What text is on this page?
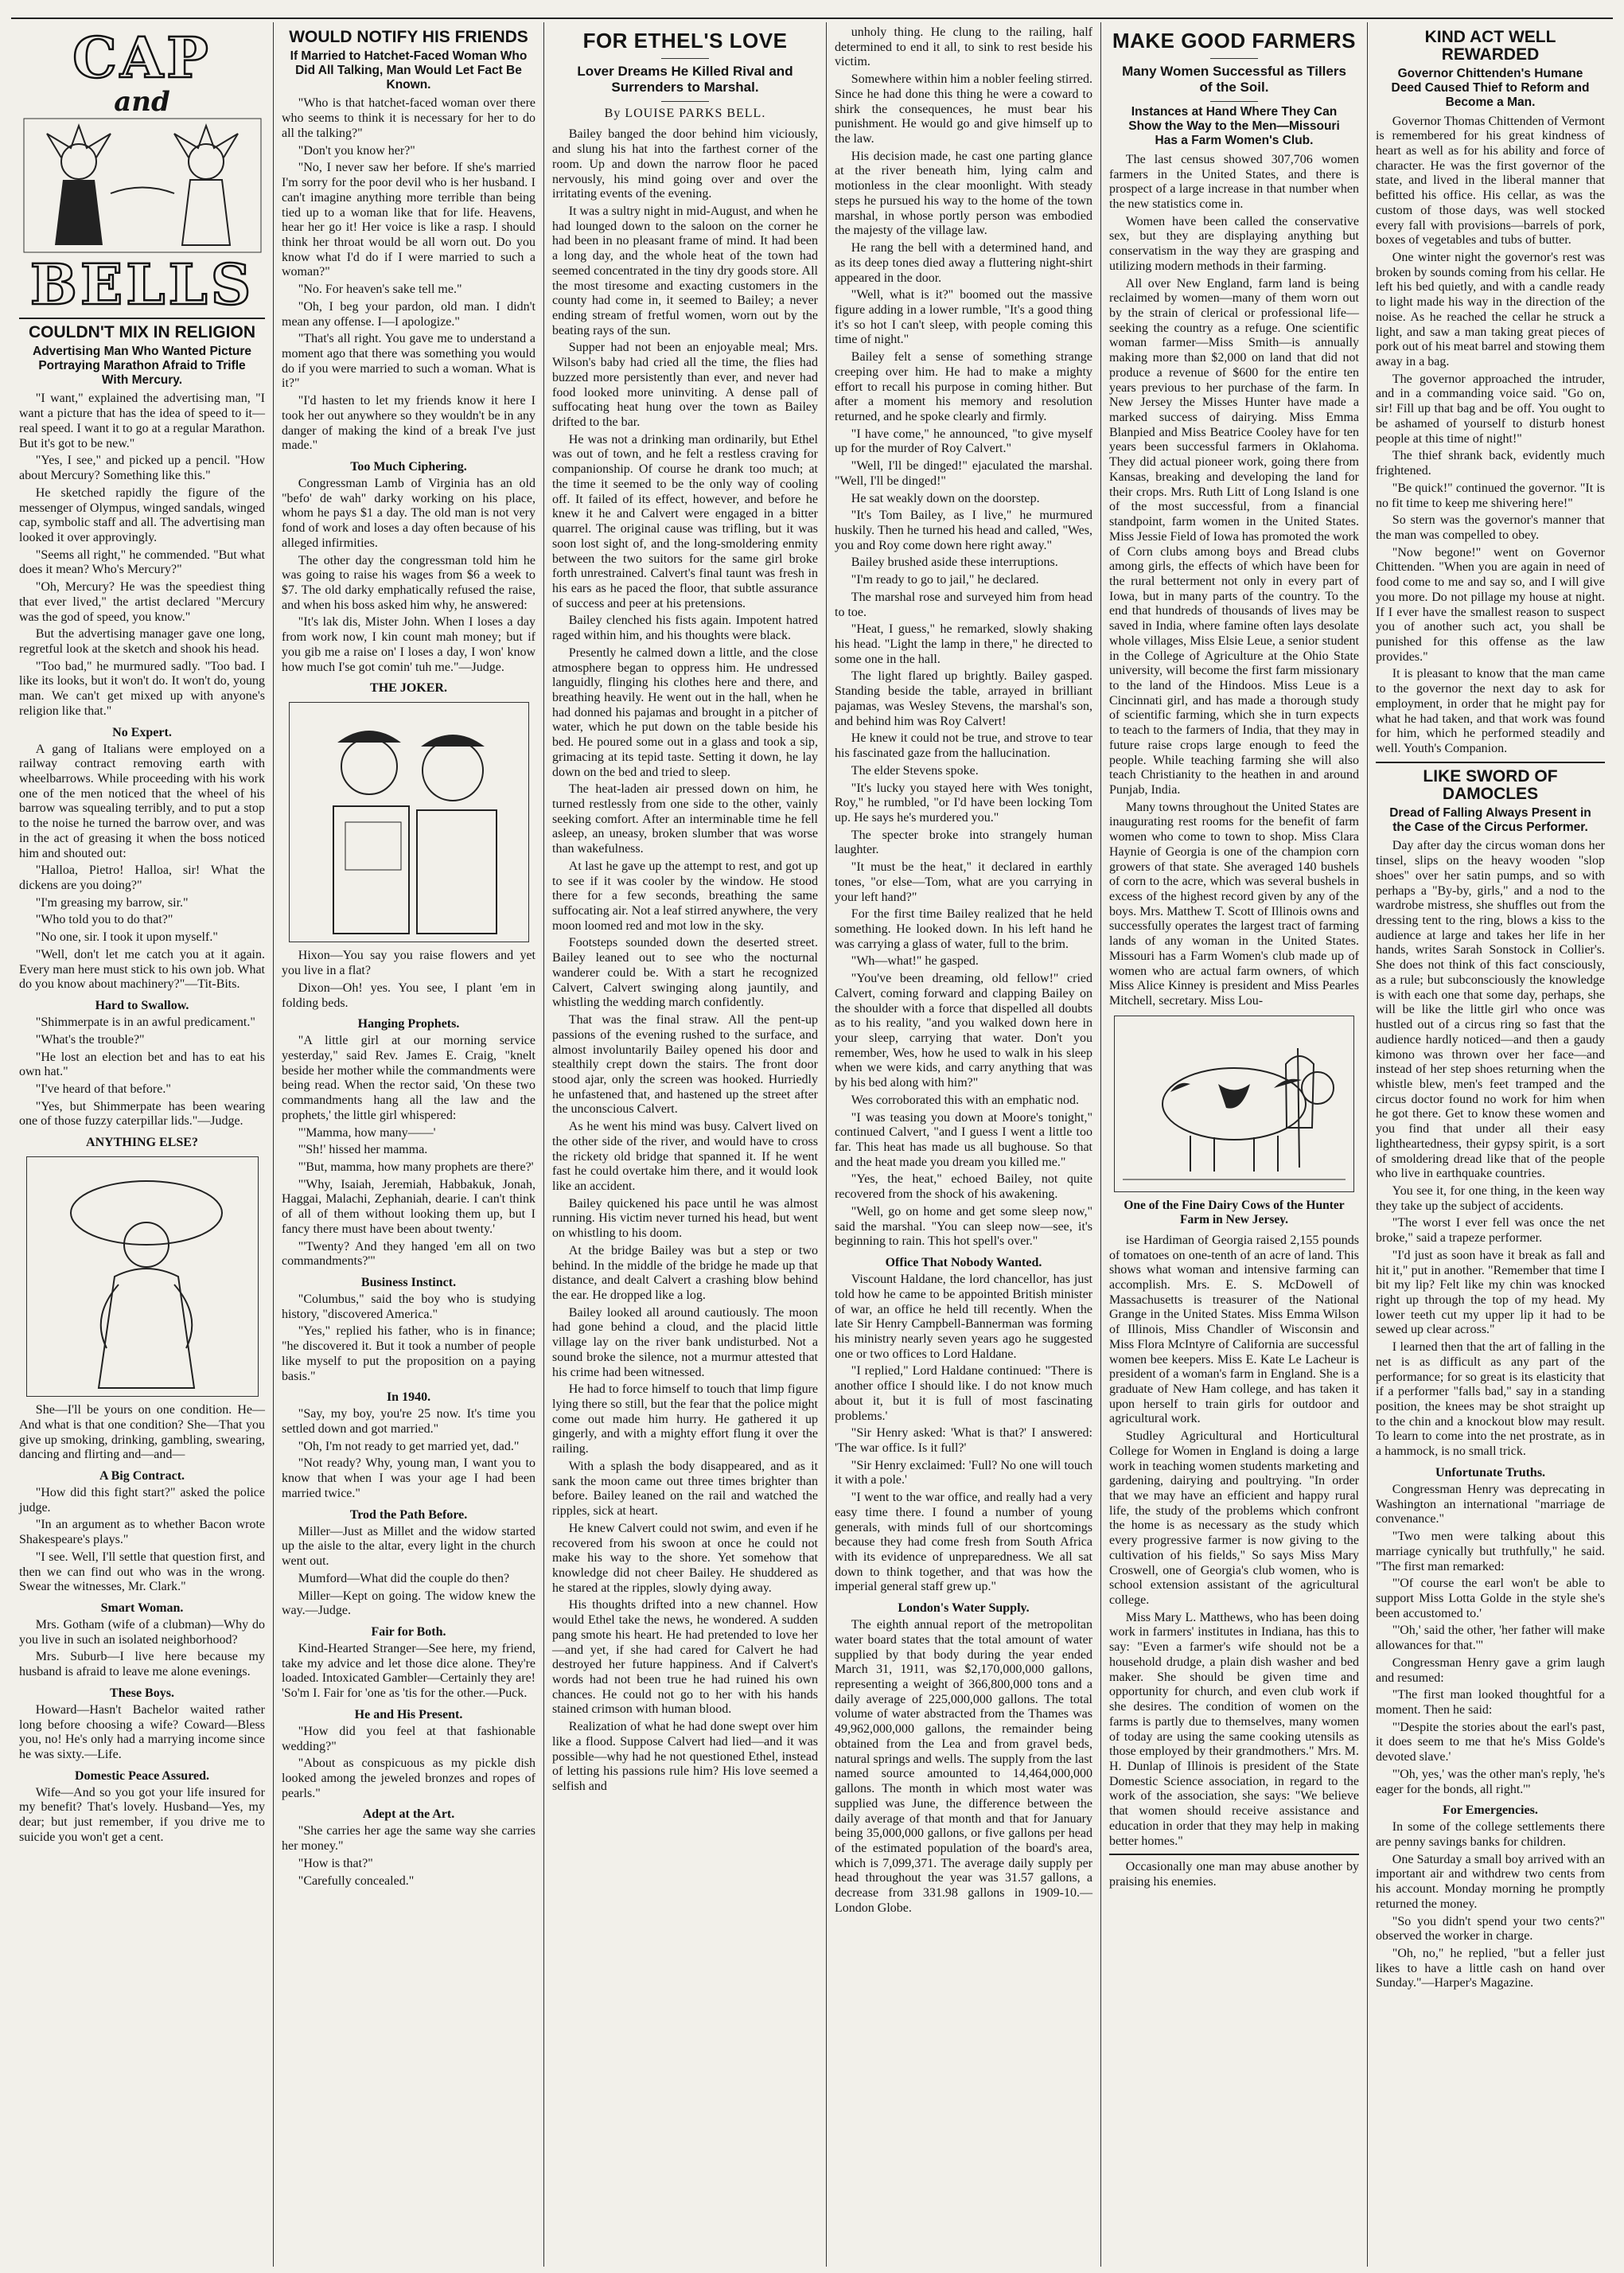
CAP
and
BELLS
COULDN'T MIX IN RELIGION
Advertising Man Who Wanted Picture Portraying Marathon Afraid to Trifle With Mercury.

"I want," explained the advertising man, "I want a picture that has the idea of speed to it—real speed. I want it to go at a regular Marathon. But it's got to be new."

"Yes, I see," and picked up a pencil. "How about Mercury? Something like this."

He sketched rapidly the figure of the messenger of Olympus, winged sandals, winged cap, symbolic staff and all. The advertising man looked it over approvingly.

"Seems all right," he commended. "But what does it mean? Who's Mercury?"

"Oh, Mercury? He was the speediest thing that ever lived," the artist declared "Mercury was the god of speed, you know."

But the advertising manager gave one long, regretful look at the sketch and shook his head.

"Too bad," he murmured sadly. "Too bad. I like its looks, but it won't do. It won't do, young man. We can't get mixed up with anyone's religion like that."

No Expert.

A gang of Italians were employed on a railway contract removing earth with wheelbarrows. While proceeding with his work one of the men noticed that the wheel of his barrow was squealing terribly, and to put a stop to the noise he turned the barrow over, and was in the act of greasing it when the boss noticed him and shouted out:

"Halloa, Pietro! Halloa, sir! What the dickens are you doing?"

"I'm greasing my barrow, sir."

"Who told you to do that?"

"No one, sir. I took it upon myself."

"Well, don't let me catch you at it again. Every man here must stick to his own job. What do you know about machinery?"—Tit-Bits.

Hard to Swallow.

"Shimmerpate is in an awful predicament."

"What's the trouble?"

"He lost an election bet and has to eat his own hat."

"I've heard of that before."

"Yes, but Shimmerpate has been wearing one of those fuzzy caterpillar lids."—Judge.

ANYTHING ELSE?

She—I'll be yours on one condition. He—And what is that one condition? She—That you give up smoking, drinking, gambling, swearing, dancing and flirting and—and—

A Big Contract.

"How did this fight start?" asked the police judge.

"In an argument as to whether Bacon wrote Shakespeare's plays."

"I see. Well, I'll settle that question first, and then we can find out who was in the wrong. Swear the witnesses, Mr. Clark."

Smart Woman.

Mrs. Gotham (wife of a clubman)—Why do you live in such an isolated neighborhood?

Mrs. Suburb—I live here because my husband is afraid to leave me alone evenings.

These Boys.

Howard—Hasn't Bachelor waited rather long before choosing a wife? Coward—Bless you, no! He's only had a marrying income since he was sixty.—Life.

Domestic Peace Assured.

Wife—And so you got your life insured for my benefit? That's lovely. Husband—Yes, my dear; but just remember, if you drive me to suicide you won't get a cent.

WOULD NOTIFY HIS FRIENDS
If Married to Hatchet-Faced Woman Who Did All Talking, Man Would Let Fact Be Known.

"Who is that hatchet-faced woman over there who seems to think it is necessary for her to do all the talking?"

"Don't you know her?"

"No, I never saw her before. If she's married I'm sorry for the poor devil who is her husband. I can't imagine anything more terrible than being tied up to a woman like that for life. Heavens, hear her go it! Her voice is like a rasp. I should think her throat would be all worn out. Do you know what I'd do if I were married to such a woman?"

"No. For heaven's sake tell me."

"Oh, I beg your pardon, old man. I didn't mean any offense. I—I apologize."

"That's all right. You gave me to understand a moment ago that there was something you would do if you were married to such a woman. What is it?"

"I'd hasten to let my friends know it here I took her out anywhere so they wouldn't be in any danger of making the kind of a break I've just made."

Too Much Ciphering.

Congressman Lamb of Virginia has an old "befo' de wah" darky working on his place, whom he pays $1 a day. The old man is not very fond of work and loses a day often because of his alleged infirmities.

The other day the congressman told him he was going to raise his wages from $6 a week to $7. The old darky emphatically refused the raise, and when his boss asked him why, he answered:

"It's lak dis, Mister John. When I loses a day from work now, I kin count mah money; but if you gib me a raise on' I loses a day, I won' know how much I'se got comin' tuh me."—Judge.

THE JOKER.

Hixon—You say you raise flowers and yet you live in a flat?

Dixon—Oh! yes. You see, I plant 'em in folding beds.

Hanging Prophets.

"A little girl at our morning service yesterday," said Rev. James E. Craig, "knelt beside her mother while the commandments were being read. When the rector said, 'On these two commandments hang all the law and the prophets,' the little girl whispered:

"'Mamma, how many——'

"'Sh!' hissed her mamma.

"'But, mamma, how many prophets are there?'

"'Why, Isaiah, Jeremiah, Habbakuk, Jonah, Haggai, Malachi, Zephaniah, dearie. I can't think of all of them without looking them up, but I fancy there must have been about twenty.'

"'Twenty? And they hanged 'em all on two commandments?'"

Business Instinct.

"Columbus," said the boy who is studying history, "discovered America."

"Yes," replied his father, who is in finance; "he discovered it. But it took a number of people like myself to put the proposition on a paying basis."

In 1940.

"Say, my boy, you're 25 now. It's time you settled down and got married."

"Oh, I'm not ready to get married yet, dad."

"Not ready? Why, young man, I want you to know that when I was your age I had been married twice."

Trod the Path Before.

Miller—Just as Millet and the widow started up the aisle to the altar, every light in the church went out.

Mumford—What did the couple do then?

Miller—Kept on going. The widow knew the way.—Judge.

Fair for Both.

Kind-Hearted Stranger—See here, my friend, take my advice and let those dice alone. They're loaded. Intoxicated Gambler—Certainly they are! 'So'm I. Fair for 'one as 'tis for the other.—Puck.

He and His Present.

"How did you feel at that fashionable wedding?"

"About as conspicuous as my pickle dish looked among the jeweled bronzes and ropes of pearls."

Adept at the Art.

"She carries her age the same way she carries her money."

"How is that?"

"Carefully concealed."

FOR ETHEL'S LOVE
Lover Dreams He Killed Rival and Surrenders to Marshal.
By LOUISE PARKS BELL.

Bailey banged the door behind him viciously, and slung his hat into the farthest corner of the room. Up and down the narrow floor he paced nervously, his mind going over and over the irritating events of the evening.

It was a sultry night in mid-August, and when he had lounged down to the saloon on the corner he had been in no pleasant frame of mind. It had been a long day, and the whole heat of the town had seemed concentrated in the tiny dry goods store. All the most tiresome and exacting customers in the county had come in, it seemed to Bailey; a never ending stream of fretful women, worn out by the beating rays of the sun.

Supper had not been an enjoyable meal; Mrs. Wilson's baby had cried all the time, the flies had buzzed more persistently than ever, and never had food looked more uninviting. A dense pall of suffocating heat hung over the town as Bailey drifted to the bar.

He was not a drinking man ordinarily, but Ethel was out of town, and he felt a restless craving for companionship. Of course he drank too much; at the time it seemed to be the only way of cooling off. It failed of its effect, however, and before he knew it he and Calvert were engaged in a bitter quarrel. The original cause was trifling, but it was soon lost sight of, and the long-smoldering enmity between the two suitors for the same girl broke forth unrestrained. Calvert's final taunt was fresh in his ears as he paced the floor, that subtle assurance of success and peer at his pretensions.

Bailey clenched his fists again. Impotent hatred raged within him, and his thoughts were black.

Presently he calmed down a little, and the close atmosphere began to oppress him. He undressed languidly, flinging his clothes here and there, and breathing heavily. He went out in the hall, when he had donned his pajamas and brought in a pitcher of water, which he put down on the table beside his bed. He poured some out in a glass and took a sip, grimacing at its tepid taste. Setting it down, he lay down on the bed and tried to sleep.

The heat-laden air pressed down on him, he turned restlessly from one side to the other, vainly seeking comfort. After an interminable time he fell asleep, an uneasy, broken slumber that was worse than wakefulness.

At last he gave up the attempt to rest, and got up to see if it was cooler by the window. He stood there for a few seconds, breathing the same suffocating air. Not a leaf stirred anywhere, the very moon loomed red and mot low in the sky.

Footsteps sounded down the deserted street. Bailey leaned out to see who the nocturnal wanderer could be. With a start he recognized Calvert, Calvert swinging along jauntily, and whistling the wedding march confidently.

That was the final straw. All the pent-up passions of the evening rushed to the surface, and almost involuntarily Bailey opened his door and stealthily crept down the stairs. The front door stood ajar, only the screen was hooked. Hurriedly he unfastened that, and hastened up the street after the unconscious Calvert.

As he went his mind was busy. Calvert lived on the other side of the river, and would have to cross the rickety old bridge that spanned it. If he went fast he could overtake him there, and it would look like an accident.

Bailey quickened his pace until he was almost running. His victim never turned his head, but went on whistling to his doom.

At the bridge Bailey was but a step or two behind. In the middle of the bridge he made up that distance, and dealt Calvert a crashing blow behind the ear. He dropped like a log.

Bailey looked all around cautiously. The moon had gone behind a cloud, and the placid little village lay on the river bank undisturbed. Not a sound broke the silence, not a murmur attested that his crime had been witnessed.

He had to force himself to touch that limp figure lying there so still, but the fear that the police might come out made him hurry. He gathered it up gingerly, and with a mighty effort flung it over the railing.

With a splash the body disappeared, and as it sank the moon came out three times brighter than before. Bailey leaned on the rail and watched the ripples, sick at heart.

He knew Calvert could not swim, and even if he recovered from his swoon at once he could not make his way to the shore. Yet somehow that knowledge did not cheer Bailey. He shuddered as he stared at the ripples, slowly dying away.

His thoughts drifted into a new channel. How would Ethel take the news, he wondered. A sudden pang smote his heart. He had pretended to love her—and yet, if she had cared for Calvert he had destroyed her future happiness. And if Calvert's words had not been true he had ruined his own chances. He could not go to her with his hands stained crimson with human blood.

Realization of what he had done swept over him like a flood. Suppose Calvert had lied—and it was possible—why had he not questioned Ethel, instead of letting his passions rule him? His love seemed a selfish and

unholy thing. He clung to the railing, half determined to end it all, to sink to rest beside his victim.

Somewhere within him a nobler feeling stirred. Since he had done this thing he were a coward to shirk the consequences, he must bear his punishment. He would go and give himself up to the law.

His decision made, he cast one parting glance at the river beneath him, lying calm and motionless in the clear moonlight. With steady steps he pursued his way to the home of the town marshal, in whose portly person was embodied the majesty of the village law.

He rang the bell with a determined hand, and as its deep tones died away a fluttering night-shirt appeared in the door.

"Well, what is it?" boomed out the massive figure adding in a lower rumble, "It's a good thing it's so hot I can't sleep, with people coming this time of night."

Bailey felt a sense of something strange creeping over him. He had to make a mighty effort to recall his purpose in coming hither. But after a moment his memory and resolution returned, and he spoke clearly and firmly.

"I have come," he announced, "to give myself up for the murder of Roy Calvert."

"Well, I'll be dinged!" ejaculated the marshal. "Well, I'll be dinged!"

He sat weakly down on the doorstep.

"It's Tom Bailey, as I live," he murmured huskily. Then he turned his head and called, "Wes, you and Roy come down here right away."

Bailey brushed aside these interruptions.

"I'm ready to go to jail," he declared.

The marshal rose and surveyed him from head to toe.

"Heat, I guess," he remarked, slowly shaking his head. "Light the lamp in there," he directed to some one in the hall.

The light flared up brightly. Bailey gasped. Standing beside the table, arrayed in brilliant pajamas, was Wesley Stevens, the marshal's son, and behind him was Roy Calvert!

He knew it could not be true, and strove to tear his fascinated gaze from the hallucination.

The elder Stevens spoke.

"It's lucky you stayed here with Wes tonight, Roy," he rumbled, "or I'd have been locking Tom up. He says he's murdered you."

The specter broke into strangely human laughter.

"It must be the heat," it declared in earthly tones, "or else—Tom, what are you carrying in your left hand?"

For the first time Bailey realized that he held something. He looked down. In his left hand he was carrying a glass of water, full to the brim.

"Wh—what!" he gasped.

"You've been dreaming, old fellow!" cried Calvert, coming forward and clapping Bailey on the shoulder with a force that dispelled all doubts as to his reality, "and you walked down here in your sleep, carrying that water. Don't you remember, Wes, how he used to walk in his sleep when we were kids, and carry anything that was by his bed along with him?"

Wes corroborated this with an emphatic nod.

"I was teasing you down at Moore's tonight," continued Calvert, "and I guess I went a little too far. This heat has made us all bughouse. So that and the heat made you dream you killed me."

"Yes, the heat," echoed Bailey, not quite recovered from the shock of his awakening.

"Well, go on home and get some sleep now," said the marshal. "You can sleep now—see, it's beginning to rain. This hot spell's over."

Office That Nobody Wanted.

Viscount Haldane, the lord chancellor, has just told how he came to be appointed British minister of war, an office he held till recently. When the late Sir Henry Campbell-Bannerman was forming his ministry nearly seven years ago he suggested one or two offices to Lord Haldane.

"I replied," Lord Haldane continued: "There is another office I should like. I do not know much about it, but it is full of most fascinating problems.'

"Sir Henry asked: 'What is that?' I answered: 'The war office. Is it full?'

"Sir Henry exclaimed: 'Full? No one will touch it with a pole.'

"I went to the war office, and really had a very easy time there. I found a number of young generals, with minds full of our shortcomings because they had come fresh from South Africa with its evidence of unpreparedness. We all sat down to think together, and that was how the imperial general staff grew up."

London's Water Supply.

The eighth annual report of the metropolitan water board states that the total amount of water supplied by that body during the year ended March 31, 1911, was $2,170,000,000 gallons, representing a weight of 366,800,000 tons and a daily average of 225,000,000 gallons. The total volume of water abstracted from the Thames was 49,962,000,000 gallons, the remainder being obtained from the Lea and from gravel beds, natural springs and wells. The supply from the last named source amounted to 14,464,000,000 gallons. The month in which most water was supplied was June, the difference between the daily average of that month and that for January being 35,000,000 gallons, or five gallons per head of the estimated population of the board's area, which is 7,099,371. The average daily supply per head throughout the year was 31.57 gallons, a decrease from 331.98 gallons in 1909-10.—London Globe.

MAKE GOOD FARMERS
Many Women Successful as Tillers of the Soil.
Instances at Hand Where They Can Show the Way to the Men—Missouri Has a Farm Women's Club.

The last census showed 307,706 women farmers in the United States, and there is prospect of a large increase in that number when the new statistics come in.

Women have been called the conservative sex, but they are displaying anything but conservatism in the way they are grasping and utilizing modern methods in their farming.

All over New England, farm land is being reclaimed by women—many of them worn out by the strain of clerical or professional life—seeking the country as a refuge. One scientific woman farmer—Miss Smith—is annually making more than $2,000 on land that did not produce a revenue of $600 for the entire ten years previous to her purchase of the farm. In New Jersey the Misses Hunter have made a marked success of dairying. Miss Emma Blanpied and Miss Beatrice Cooley have for ten years been successful farmers in Oklahoma. They did actual pioneer work, going there from Kansas, breaking and developing the land for their crops. Mrs. Ruth Litt of Long Island is one of the most successful, from a financial standpoint, farm women in the United States. Miss Jessie Field of Iowa has promoted the work of Corn clubs among boys and Bread clubs among girls, the effects of which have been for the rural betterment not only in every part of Iowa, but in many parts of the country. To the end that hundreds of thousands of lives may be saved in India, where famine often lays desolate whole villages, Miss Elsie Leue, a senior student in the College of Agriculture at the Ohio State university, will become the first farm missionary to the land of the Hindoos. Miss Leue is a Cincinnati girl, and has made a thorough study of scientific farming, which she in turn expects to teach to the farmers of India, that they may in future raise crops large enough to feed the people. While teaching farming she will also teach Christianity to the heathen in and around Punjab, India.

Many towns throughout the United States are inaugurating rest rooms for the benefit of farm women who come to town to shop. Miss Clara Haynie of Georgia is one of the champion corn growers of that state. She averaged 140 bushels of corn to the acre, which was several bushels in excess of the highest record given by any of the boys. Mrs. Matthew T. Scott of Illinois owns and successfully operates the largest tract of farming lands of any woman in the United States. Missouri has a Farm Women's club made up of women who are actual farm owners, of which Miss Alice Kinney is president and Miss Pearles Mitchell, secretary. Miss Lou-

One of the Fine Dairy Cows of the Hunter Farm in New Jersey.

ise Hardiman of Georgia raised 2,155 pounds of tomatoes on one-tenth of an acre of land. This shows what woman and intensive farming can accomplish. Mrs. E. S. McDowell of Massachusetts is treasurer of the National Grange in the United States. Miss Emma Wilson of Illinois, Miss Chandler of Wisconsin and Miss Flora McIntyre of California are successful women bee keepers. Miss E. Kate Le Lacheur is president of a woman's farm in England. She is a graduate of New Ham college, and has taken it upon herself to train girls for outdoor and agricultural work.

Studley Agricultural and Horticultural College for Women in England is doing a large work in teaching women students marketing and gardening, dairying and poultrying. "In order that we may have an efficient and happy rural life, the study of the problems which confront the home is as necessary as the study which every progressive farmer is now giving to the cultivation of his fields," So says Miss Mary Croswell, one of Georgia's club women, who is school extension assistant of the agricultural college.

Miss Mary L. Matthews, who has been doing work in farmers' institutes in Indiana, has this to say: "Even a farmer's wife should not be a household drudge, a plain dish washer and bed maker. She should be given time and opportunity for church, and even club work if she desires. The condition of women on the farms is partly due to themselves, many women of today are using the same cooking utensils as those employed by their grandmothers." Mrs. M. H. Dunlap of Illinois is president of the State Domestic Science association, in regard to the work of the association, she says: "We believe that women should receive assistance and education in order that they may help in making better homes."

Occasionally one man may abuse another by praising his enemies.

KIND ACT WELL REWARDED
Governor Chittenden's Humane Deed Caused Thief to Reform and Become a Man.

Governor Thomas Chittenden of Vermont is remembered for his great kindness of heart as well as for his ability and force of character. He was the first governor of the state, and lived in the liberal manner that befitted his office. His cellar, as was the custom of those days, was well stocked every fall with provisions—barrels of pork, boxes of vegetables and tubs of butter.

One winter night the governor's rest was broken by sounds coming from his cellar. He left his bed quietly, and with a candle ready to light made his way in the direction of the noise. As he reached the cellar he struck a light, and saw a man taking great pieces of pork out of his meat barrel and stowing them away in a bag.

The governor approached the intruder, and in a commanding voice said. "Go on, sir! Fill up that bag and be off. You ought to be ashamed of yourself to disturb honest people at this time of night!"

The thief shrank back, evidently much frightened.

"Be quick!" continued the governor. "It is no fit time to keep me shivering here!"

So stern was the governor's manner that the man was compelled to obey.

"Now begone!" went on Governor Chittenden. "When you are again in need of food come to me and say so, and I will give you more. Do not pillage my house at night. If I ever have the smallest reason to suspect you of another such act, you shall be punished for this offense as the law provides."

It is pleasant to know that the man came to the governor the next day to ask for employment, in order that he might pay for what he had taken, and that work was found for him, which he performed steadily and well. Youth's Companion.

LIKE SWORD OF DAMOCLES
Dread of Falling Always Present in the Case of the Circus Performer.

Day after day the circus woman dons her tinsel, slips on the heavy wooden "slop shoes" over her satin pumps, and so with perhaps a "By-by, girls," and a nod to the wardrobe mistress, she shuffles out from the dressing tent to the ring, blows a kiss to the audience at large and takes her life in her hands, writes Sarah Sonstock in Collier's. She does not think of this fact consciously, as a rule; but subconsciously the knowledge is with each one that some day, perhaps, she will be like the little girl who once was hustled out of a circus ring so fast that the audience hardly noticed—and then a gaudy kimono was thrown over her face—and instead of her step shoes returning when the whistle blew, men's feet tramped and the circus doctor found no work for him when he got there. Get to know these women and you find that under all their easy lightheartedness, their gypsy spirit, is a sort of smoldering dread like that of the people who live in earthquake countries.

You see it, for one thing, in the keen way they take up the subject of accidents.

"The worst I ever fell was once the net broke," said a trapeze performer.

"I'd just as soon have it break as fall and hit it," put in another. "Remember that time I bit my lip? Felt like my chin was knocked right up through the top of my head. My lower teeth cut my upper lip it had to be sewed up clear across."

I learned then that the art of falling in the net is as difficult as any part of the performance; for so great is its elasticity that if a performer "falls bad," say in a standing position, the knees may be shot straight up to the chin and a knockout blow may result. To learn to come into the net prostrate, as in a hammock, is no small trick.

Unfortunate Truths.

Congressman Henry was deprecating in Washington an international "marriage de convenance."

"Two men were talking about this marriage cynically but truthfully," he said. "The first man remarked:

"'Of course the earl won't be able to support Miss Lotta Golde in the style she's been accustomed to.'

"'Oh,' said the other, 'her father will make allowances for that.'"

Congressman Henry gave a grim laugh and resumed:

"The first man looked thoughtful for a moment. Then he said:

"'Despite the stories about the earl's past, it does seem to me that he's Miss Golde's devoted slave.'

"'Oh, yes,' was the other man's reply, 'he's eager for the bonds, all right.'"

For Emergencies.

In some of the college settlements there are penny savings banks for children.

One Saturday a small boy arrived with an important air and withdrew two cents from his account. Monday morning he promptly returned the money.

"So you didn't spend your two cents?" observed the worker in charge.

"Oh, no," he replied, "but a feller just likes to have a little cash on hand over Sunday."—Harper's Magazine.
